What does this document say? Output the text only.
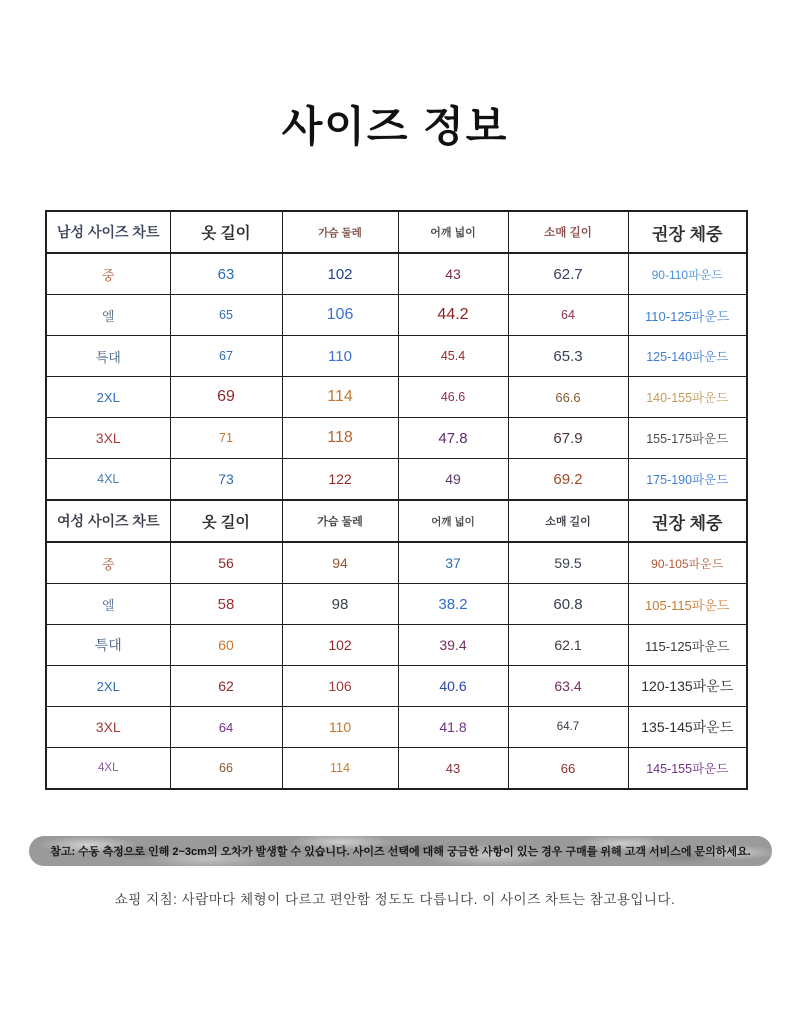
사이즈 정보
남성 사이즈 차트	옷 길이	가슴 둘레	어깨 넓이	소매 길이	권장 체중
중	63	102	43	62.7	90-110파운드
엘	65	106	44.2	64	110-125파운드
특대	67	110	45.4	65.3	125-140파운드
2XL	69	114	46.6	66.6	140-155파운드
3XL	71	118	47.8	67.9	155-175파운드
4XL	73	122	49	69.2	175-190파운드
여성 사이즈 차트	옷 길이	가슴 둘레	어깨 넓이	소매 길이	권장 체중
중	56	94	37	59.5	90-105파운드
엘	58	98	38.2	60.8	105-115파운드
특대	60	102	39.4	62.1	115-125파운드
2XL	62	106	40.6	63.4	120-135파운드
3XL	64	110	41.8	64.7	135-145파운드
4XL	66	114	43	66	145-155파운드
참고: 수동 측정으로 인해 2~3cm의 오차가 발생할 수 있습니다. 사이즈 선택에 대해 궁금한 사항이 있는 경우 구매를 위해 고객 서비스에 문의하세요.
쇼핑 지침: 사람마다 체형이 다르고 편안함 정도도 다릅니다. 이 사이즈 차트는 참고용입니다.
